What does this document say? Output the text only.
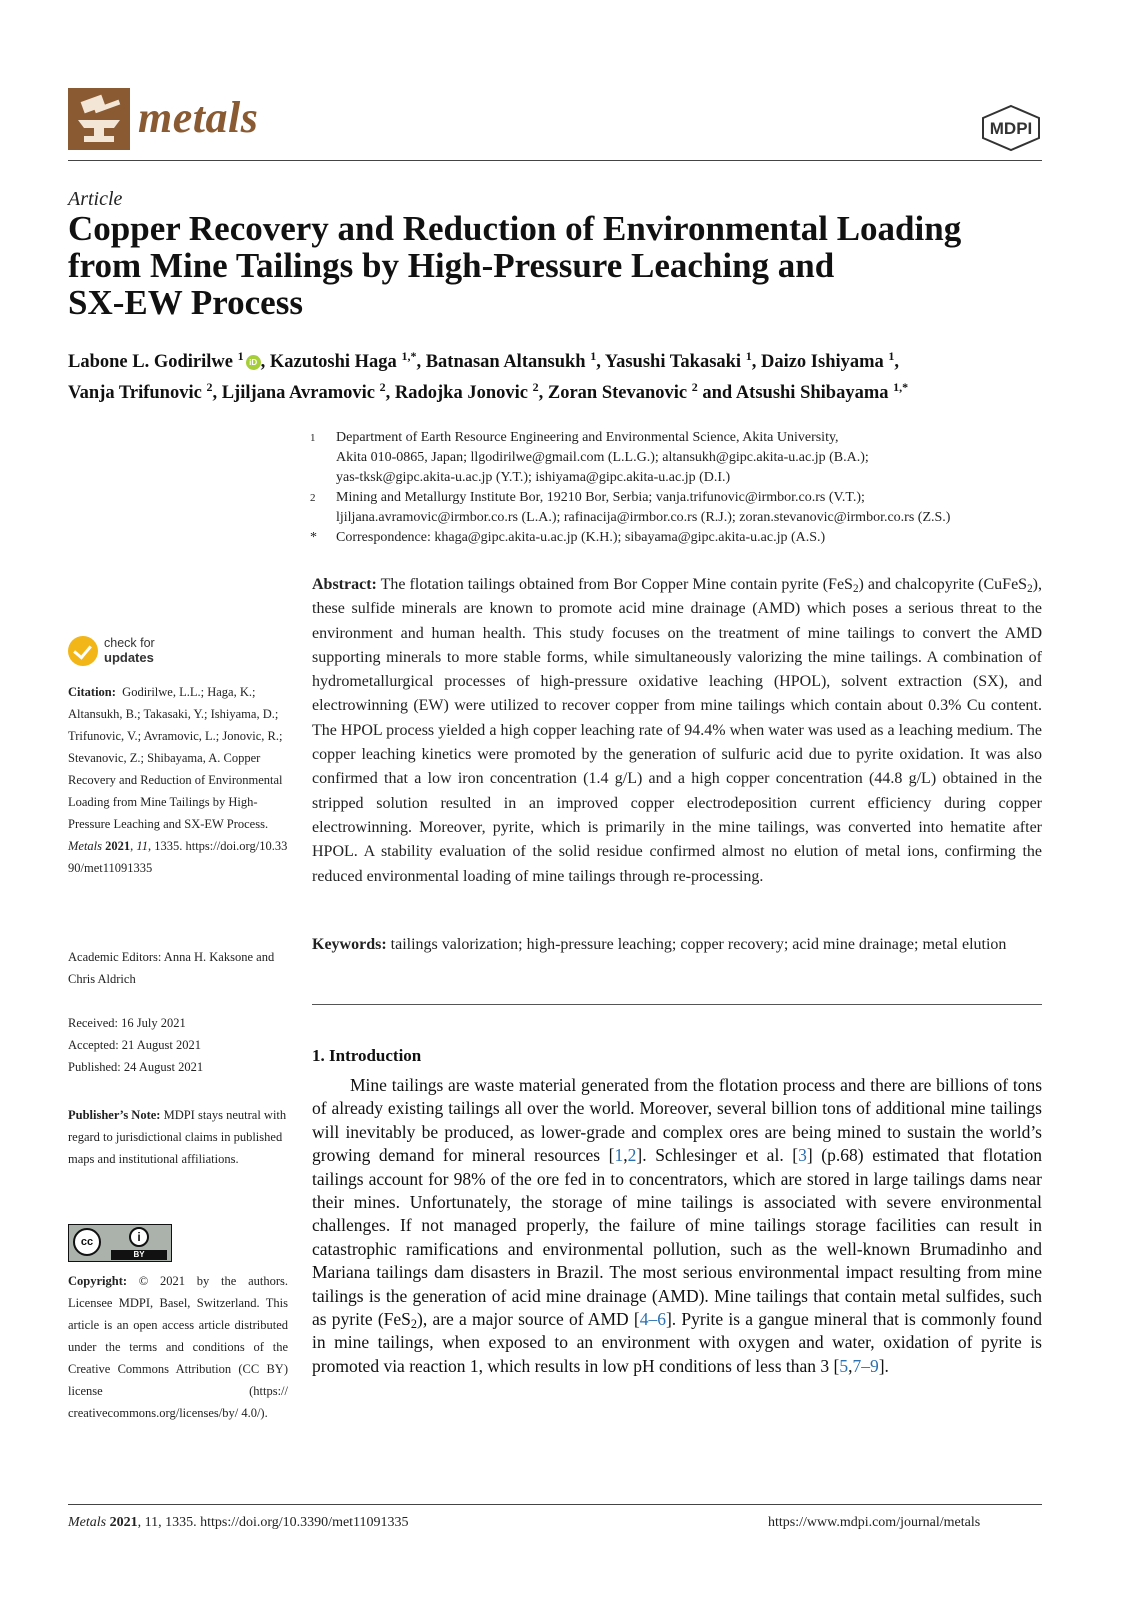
metals	MDPI
Article
Copper Recovery and Reduction of Environmental Loading
from Mine Tailings by High-Pressure Leaching and
SX-EW Process
Labone L. Godirilwe $^1$ iD , Kazutoshi Haga $^{1,*}$, Batnasan Altansukh $^1$, Yasushi Takasaki $^1$, Daizo Ishiyama $^1$,
Vanja Trifunovic $^2$, Ljiljana Avramovic $^2$, Radojka Jonovic $^2$, Zoran Stevanovic $^2$ and Atsushi Shibayama $^{1,*}$
1	Department of Earth Resource Engineering and Environmental Science, Akita University,
Akita 010-0865, Japan; llgodirilwe@gmail.com (L.L.G.); altansukh@gipc.akita-u.ac.jp (B.A.);
yas-tksk@gipc.akita-u.ac.jp (Y.T.); ishiyama@gipc.akita-u.ac.jp (D.I.)
2	Mining and Metallurgy Institute Bor, 19210 Bor, Serbia; vanja.trifunovic@irmbor.co.rs (V.T.);
ljiljana.avramovic@irmbor.co.rs (L.A.); rafinacija@irmbor.co.rs (R.J.); zoran.stevanovic@irmbor.co.rs (Z.S.)
*	Correspondence: khaga@gipc.akita-u.ac.jp (K.H.); sibayama@gipc.akita-u.ac.jp (A.S.)
check for
updates
Citation: Godirilwe, L.L.; Haga, K.; Altansukh, B.; Takasaki, Y.; Ishiyama, D.; Trifunovic, V.; Avramovic, L.; Jonovic, R.; Stevanovic, Z.; Shibayama, A. Copper Recovery and Reduction of Environmental Loading from Mine Tailings by High-Pressure Leaching and SX-EW Process. Metals 2021, 11, 1335. https://doi.org/10.3390/met11091335
Academic Editors: Anna H. Kaksone and Chris Aldrich
Received: 16 July 2021
Accepted: 21 August 2021
Published: 24 August 2021
Publisher’s Note: MDPI stays neutral with regard to jurisdictional claims in published maps and institutional affiliations.
cc	i
BY
Copyright: © 2021 by the authors. Licensee MDPI, Basel, Switzerland. This article is an open access article distributed under the terms and conditions of the Creative Commons Attribution (CC BY) license (https:// creativecommons.org/licenses/by/ 4.0/).
Abstract: The flotation tailings obtained from Bor Copper Mine contain pyrite (FeS$_2$) and chalcopyrite (CuFeS$_2$), these sulfide minerals are known to promote acid mine drainage (AMD) which poses a serious threat to the environment and human health. This study focuses on the treatment of mine tailings to convert the AMD supporting minerals to more stable forms, while simultaneously valorizing the mine tailings. A combination of hydrometallurgical processes of high-pressure oxidative leaching (HPOL), solvent extraction (SX), and electrowinning (EW) were utilized to recover copper from mine tailings which contain about 0.3% Cu content. The HPOL process yielded a high copper leaching rate of 94.4% when water was used as a leaching medium. The copper leaching kinetics were promoted by the generation of sulfuric acid due to pyrite oxidation. It was also confirmed that a low iron concentration (1.4 g/L) and a high copper concentration (44.8 g/L) obtained in the stripped solution resulted in an improved copper electrodeposition current efficiency during copper electrowinning. Moreover, pyrite, which is primarily in the mine tailings, was converted into hematite after HPOL. A stability evaluation of the solid residue confirmed almost no elution of metal ions, confirming the reduced environmental loading of mine tailings through re-processing.
Keywords: tailings valorization; high-pressure leaching; copper recovery; acid mine drainage; metal elution
1. Introduction
Mine tailings are waste material generated from the flotation process and there are billions of tons of already existing tailings all over the world. Moreover, several billion tons of additional mine tailings will inevitably be produced, as lower-grade and complex ores are being mined to sustain the world’s growing demand for mineral resources [1,2]. Schlesinger et al. [3] (p.68) estimated that flotation tailings account for 98% of the ore fed in to concentrators, which are stored in large tailings dams near their mines. Unfortunately, the storage of mine tailings is associated with severe environmental challenges. If not managed properly, the failure of mine tailings storage facilities can result in catastrophic ramifications and environmental pollution, such as the well-known Brumadinho and Mariana tailings dam disasters in Brazil. The most serious environmental impact resulting from mine tailings is the generation of acid mine drainage (AMD). Mine tailings that contain metal sulfides, such as pyrite (FeS$_2$), are a major source of AMD [4–6]. Pyrite is a gangue mineral that is commonly found in mine tailings, when exposed to an environment with oxygen and water, oxidation of pyrite is promoted via reaction 1, which results in low pH conditions of less than 3 [5,7–9].
Metals 2021, 11, 1335. https://doi.org/10.3390/met11091335	https://www.mdpi.com/journal/metals
